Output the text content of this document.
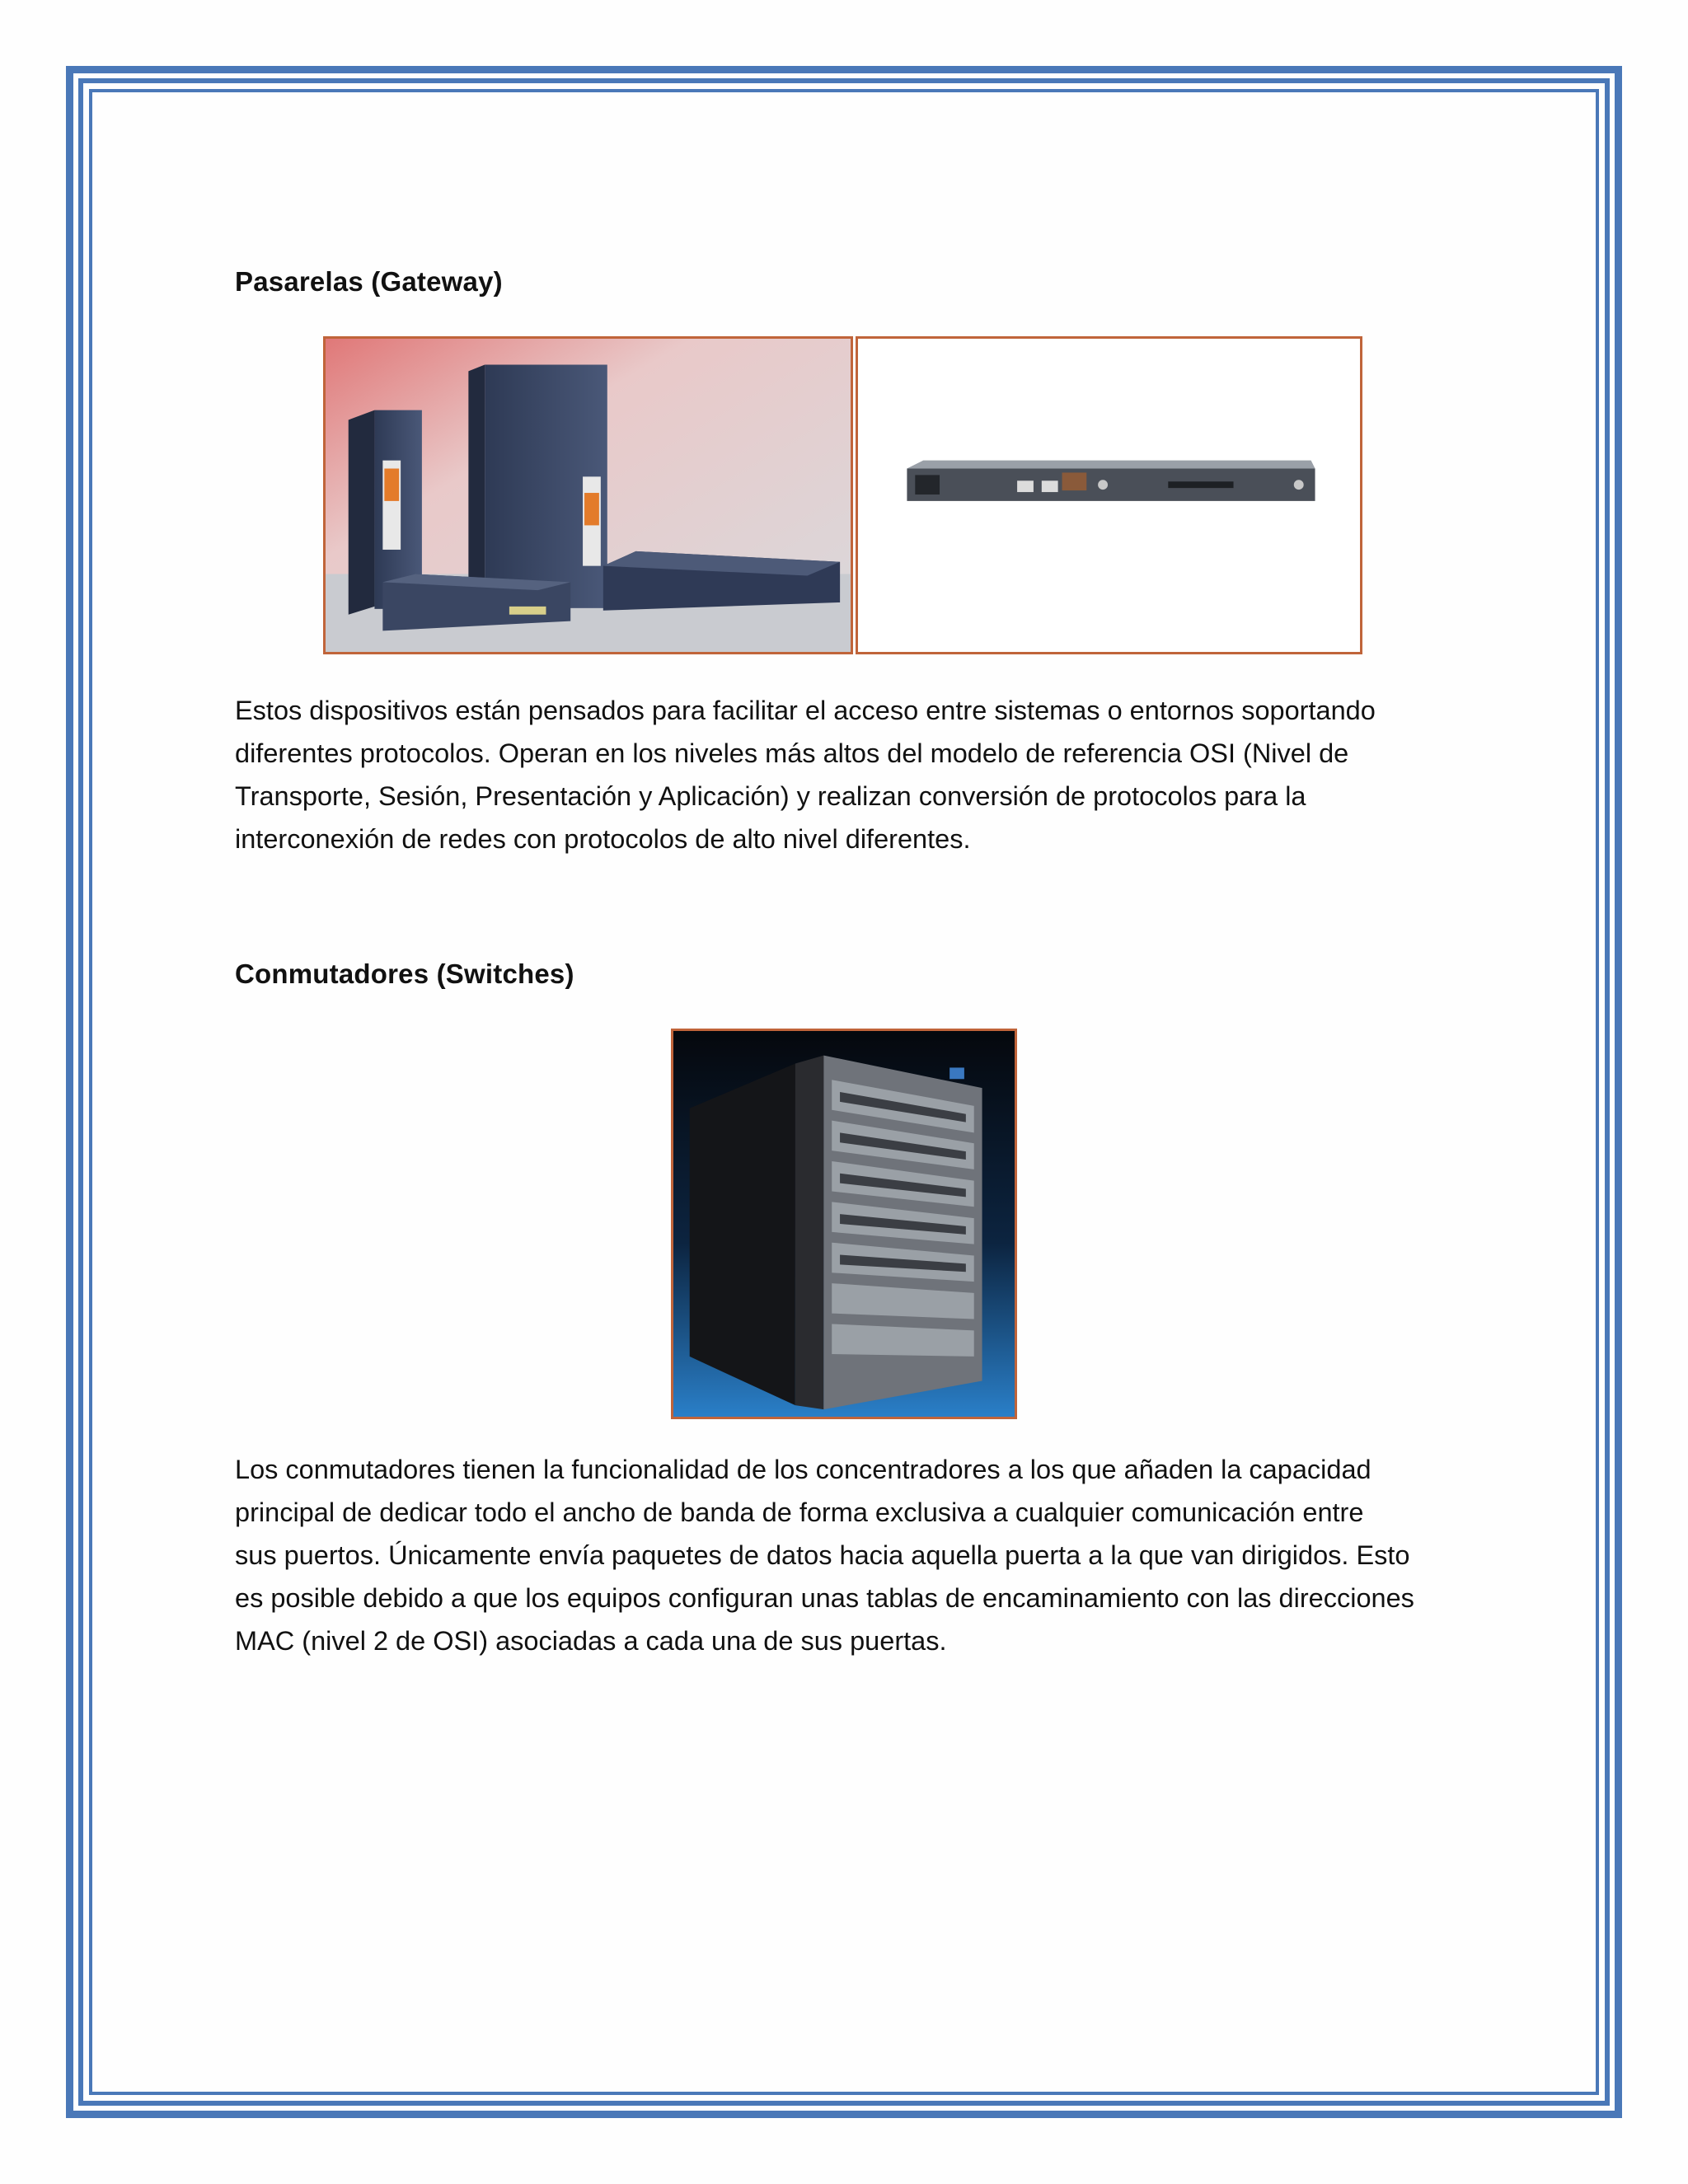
Pasarelas (Gateway)

Estos dispositivos están pensados para facilitar el acceso entre sistemas o entornos soportando
diferentes protocolos. Operan en los niveles más altos del modelo de referencia OSI (Nivel de
Transporte, Sesión, Presentación y Aplicación) y realizan conversión de protocolos para la
interconexión de redes con protocolos de alto nivel diferentes.

Conmutadores (Switches)

Los conmutadores tienen la funcionalidad de los concentradores a los que añaden la capacidad
principal de dedicar todo el ancho de banda de forma exclusiva a cualquier comunicación entre
sus puertos. Únicamente envía paquetes de datos hacia aquella puerta a la que van dirigidos. Esto
es posible debido a que los equipos configuran unas tablas de encaminamiento con las direcciones
MAC (nivel 2 de OSI) asociadas a cada una de sus puertas.
